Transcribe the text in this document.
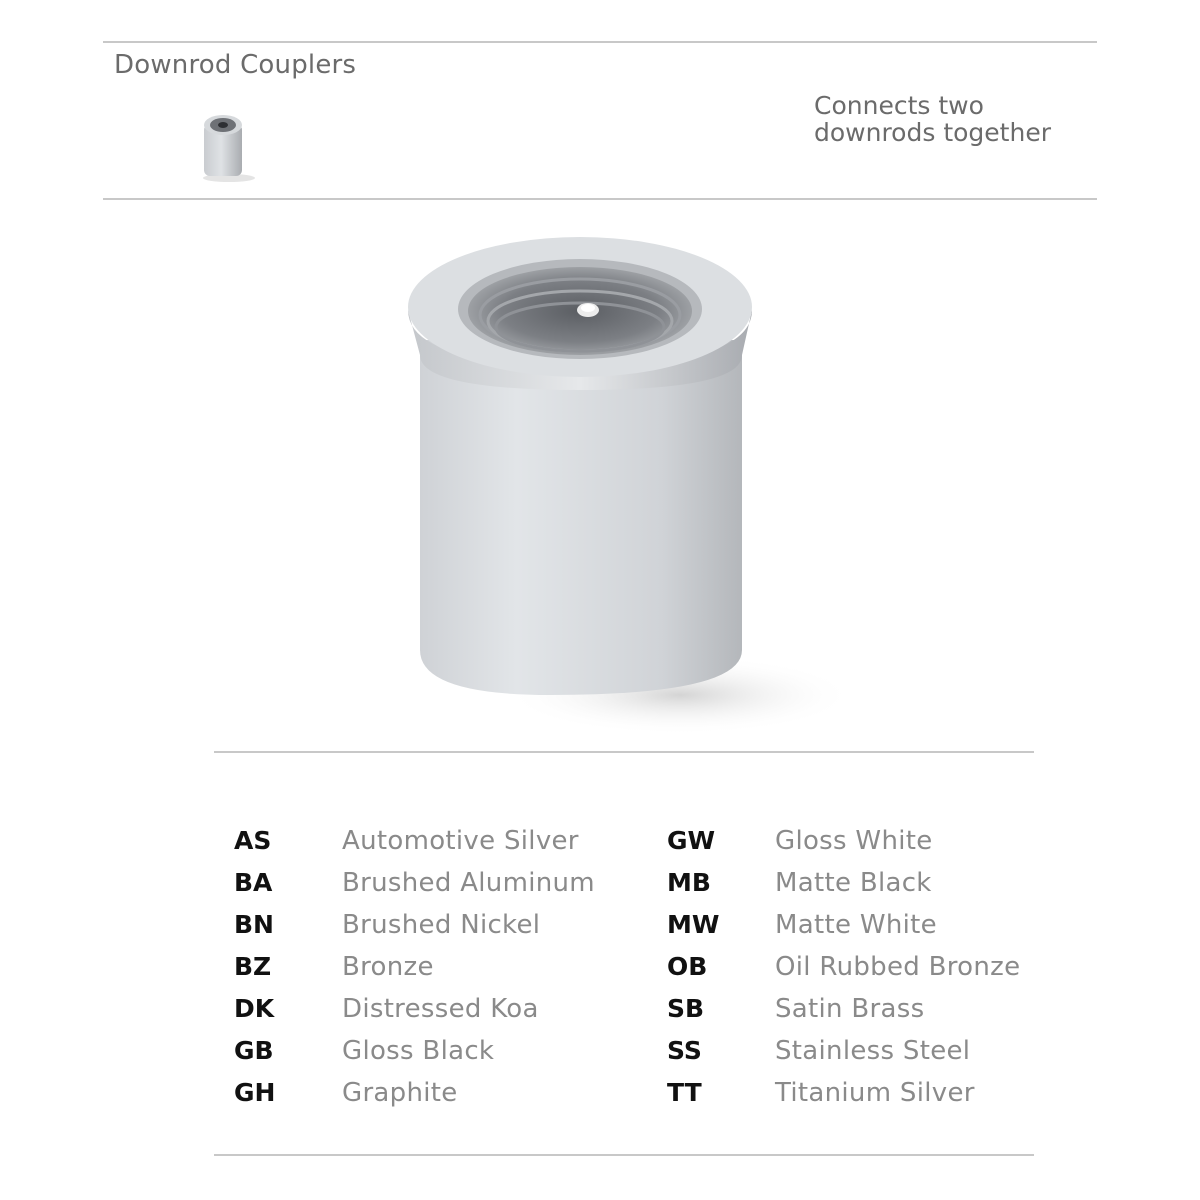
Downrod Couplers
Connects two downrods together
AS	Automotive Silver
BA	Brushed Aluminum
BN	Brushed Nickel
BZ	Bronze
DK	Distressed Koa
GB	Gloss Black
GH	Graphite
GW Gloss White
MB Matte Black
MW Matte White
OB	Oil Rubbed Bronze
SB	Satin Brass
SS	Stainless Steel
TT	Titanium Silver
